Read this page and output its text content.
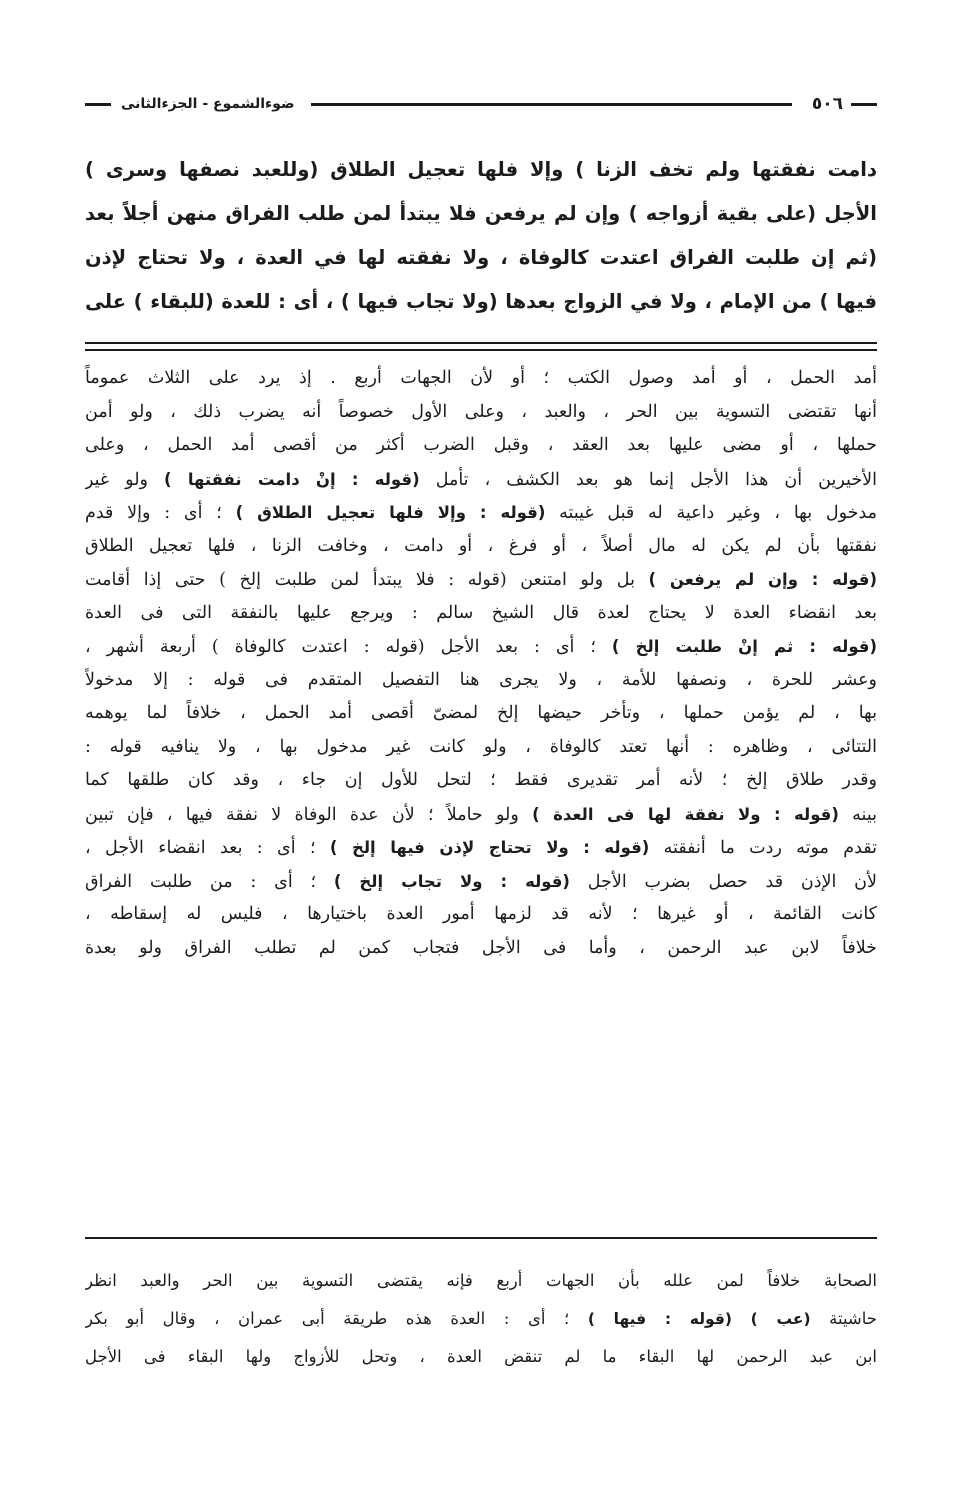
٥٠٦
ضوءالشموع - الجزءالثانى
دامت نفقتها ولم تخف الزنا ) وإلا فلها تعجيل الطلاق (وللعبد نصفها وسرى )
الأجل (على بقية أزواجه ) وإن لم يرفعن فلا يبتدأ لمن طلب الفراق منهن أجلاً بعد
(ثم إن طلبت الفراق اعتدت كالوفاة ، ولا نفقته لها في العدة ، ولا تحتاج لإذن
فيها ) من الإمام ، ولا في الزواج بعدها (ولا تجاب فيها ) ، أى : للعدة (للبقاء ) على
أمد الحمل ، أو أمد وصول الكتب ؛ أو لأن الجهات أربع . إذ يرد على الثلاث عموماً
أنها تقتضى التسوية بين الحر ، والعبد ، وعلى الأول خصوصاً أنه يضرب ذلك ، ولو أمن
حملها ، أو مضى عليها بعد العقد ، وقبل الضرب أكثر من أقصى أمد الحمل ، وعلى
الأخيرين أن هذا الأجل إنما هو بعد الكشف ، تأمل (قوله : إنْ دامت نفقتها ) ولو غير
مدخول بها ، وغير داعية له قبل غيبته (قوله : وإلا فلها تعجيل الطلاق ) ؛ أى : وإلا قدم
نفقتها بأن لم يكن له مال أصلاً ، أو فرغ ، أو دامت ، وخافت الزنا ، فلها تعجيل الطلاق
(قوله : وإن لم يرفعن ) بل ولو امتنعن (قوله : فلا يبتدأ لمن طلبت إلخ ) حتى إذا أقامت
بعد انقضاء العدة لا يحتاج لعدة قال الشيخ سالم : ويرجع عليها بالنفقة التى فى العدة
(قوله : ثم إنْ طلبت إلخ ) ؛ أى : بعد الأجل (قوله : اعتدت كالوفاة ) أربعة أشهر ،
وعشر للحرة ، ونصفها للأمة ، ولا يجرى هنا التفصيل المتقدم فى قوله : إلا مدخولاً
بها ، لم يؤمن حملها ، وتأخر حيضها إلخ لمضىّ أقصى أمد الحمل ، خلافاً لما يوهمه
التتائى ، وظاهره : أنها تعتد كالوفاة ، ولو كانت غير مدخول بها ، ولا ينافيه قوله :
وقدر طلاق إلخ ؛ لأنه أمر تقديرى فقط ؛ لتحل للأول إن جاء ، وقد كان طلقها كما
بينه (قوله : ولا نفقة لها فى العدة ) ولو حاملاً ؛ لأن عدة الوفاة لا نفقة فيها ، فإن تبين
تقدم موته ردت ما أنفقته (قوله : ولا تحتاج لإذن فيها إلخ ) ؛ أى : بعد انقضاء الأجل ،
لأن الإذن قد حصل بضرب الأجل (قوله : ولا تجاب إلخ ) ؛ أى : من طلبت الفراق
كانت القائمة ، أو غيرها ؛ لأنه قد لزمها أمور العدة باختيارها ، فليس له إسقاطه ،
خلافاً لابن عبد الرحمن ، وأما فى الأجل فتجاب كمن لم تطلب الفراق ولو بعدة
الصحابة خلافاً لمن علله بأن الجهات أربع فإنه يقتضى التسوية بين الحر والعبد انظر
حاشيتة (عب ) (قوله : فيها ) ؛ أى : العدة هذه طريقة أبى عمران ، وقال أبو بكر
ابن عبد الرحمن لها البقاء ما لم تنقض العدة ، وتحل للأزواج ولها البقاء فى الأجل
